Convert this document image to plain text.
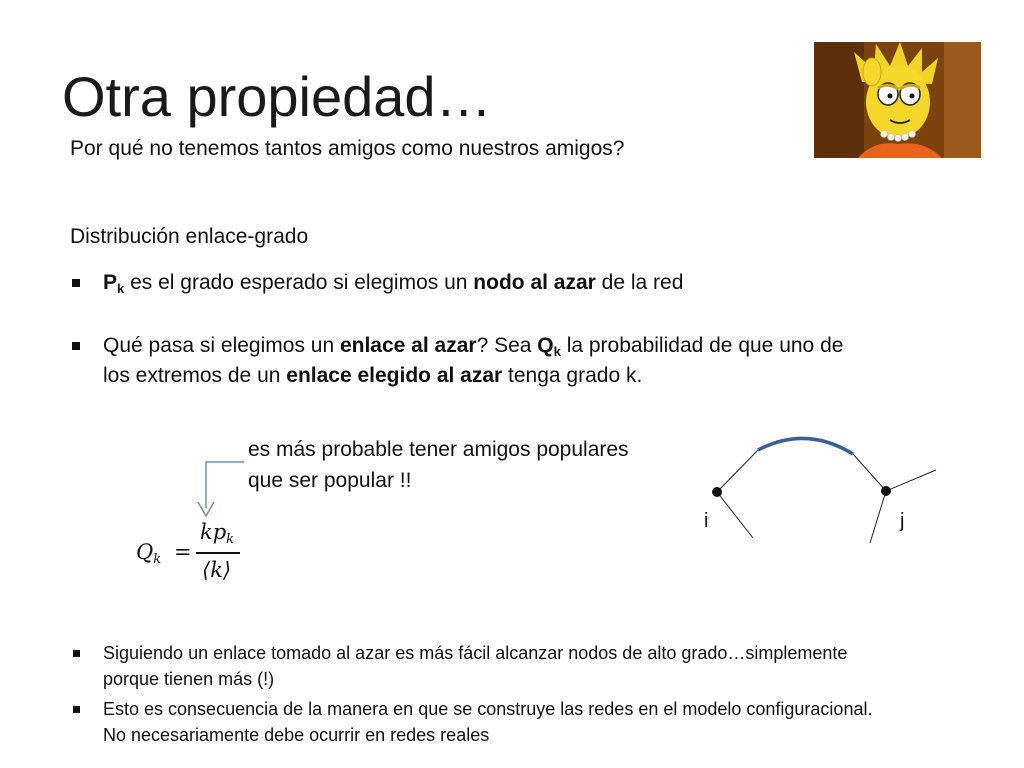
Otra propiedad…
Por qué no tenemos tantos amigos como nuestros amigos?
Distribución enlace-grado
$P_k$ es el grado esperado si elegimos un nodo al azar de la red
Qué pasa si elegimos un enlace al azar? Sea $Q_k$ la probabilidad de que uno de
los extremos de un enlace elegido al azar tenga grado k.
es más probable tener amigos populares
que ser popular !!
$Q_k$ =
$kp_k$
⟨k⟩
i	j
Siguiendo un enlace tomado al azar es más fácil alcanzar nodos de alto grado…simplemente
porque tienen más (!)
Esto es consecuencia de la manera en que se construye las redes en el modelo configuracional.
No necesariamente debe ocurrir en redes reales
